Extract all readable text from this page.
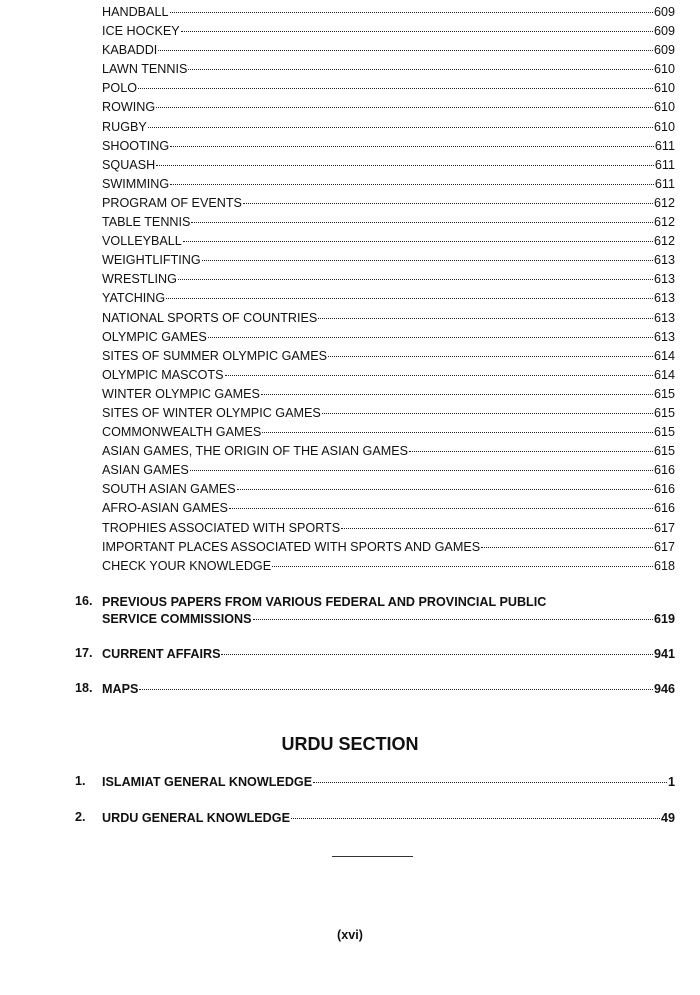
HANDBALL	609
ICE HOCKEY	609
KABADDI	609
LAWN TENNIS	610
POLO	610
ROWING	610
RUGBY	610
SHOOTING	611
SQUASH	611
SWIMMING	611
PROGRAM OF EVENTS	612
TABLE TENNIS	612
VOLLEYBALL	612
WEIGHTLIFTING	613
WRESTLING	613
YATCHING	613
NATIONAL SPORTS OF COUNTRIES	613
OLYMPIC GAMES	613
SITES OF SUMMER OLYMPIC GAMES	614
OLYMPIC MASCOTS	614
WINTER OLYMPIC GAMES	615
SITES OF WINTER OLYMPIC GAMES	615
COMMONWEALTH GAMES	615
ASIAN GAMES, THE ORIGIN OF THE ASIAN GAMES	615
ASIAN GAMES	616
SOUTH ASIAN GAMES	616
AFRO-ASIAN GAMES	616
TROPHIES ASSOCIATED WITH SPORTS	617
IMPORTANT PLACES ASSOCIATED WITH SPORTS AND GAMES	617
CHECK YOUR KNOWLEDGE	618
16. PREVIOUS PAPERS FROM VARIOUS FEDERAL AND PROVINCIAL PUBLIC
SERVICE COMMISSIONS	619
17. CURRENT AFFAIRS	941
18. MAPS	946
URDU SECTION
1.	ISLAMIAT GENERAL KNOWLEDGE	1
2.	URDU GENERAL KNOWLEDGE	49
(xvi)
